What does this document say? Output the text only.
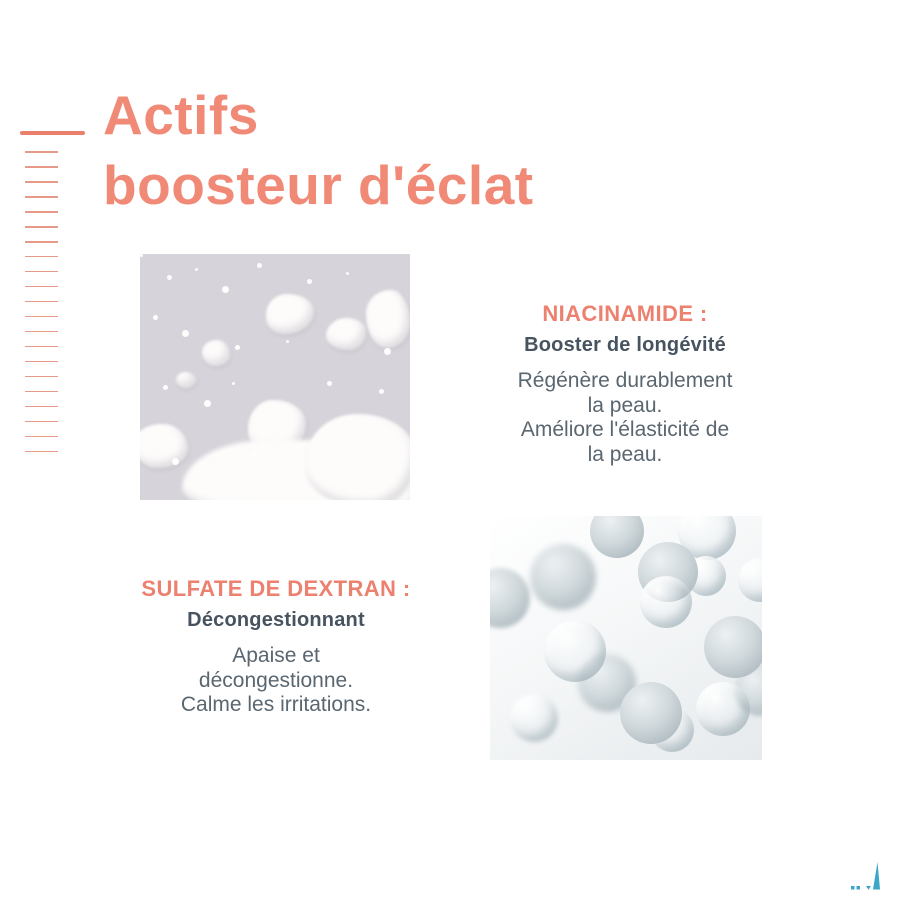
Actifs
boosteur d'éclat
NIACINAMIDE :
Booster de longévité

Régénère durablement
la peau.
Améliore l'élasticité de
la peau.

SULFATE DE DEXTRAN :
Décongestionnant

Apaise et
décongestionne.
Calme les irritations.
